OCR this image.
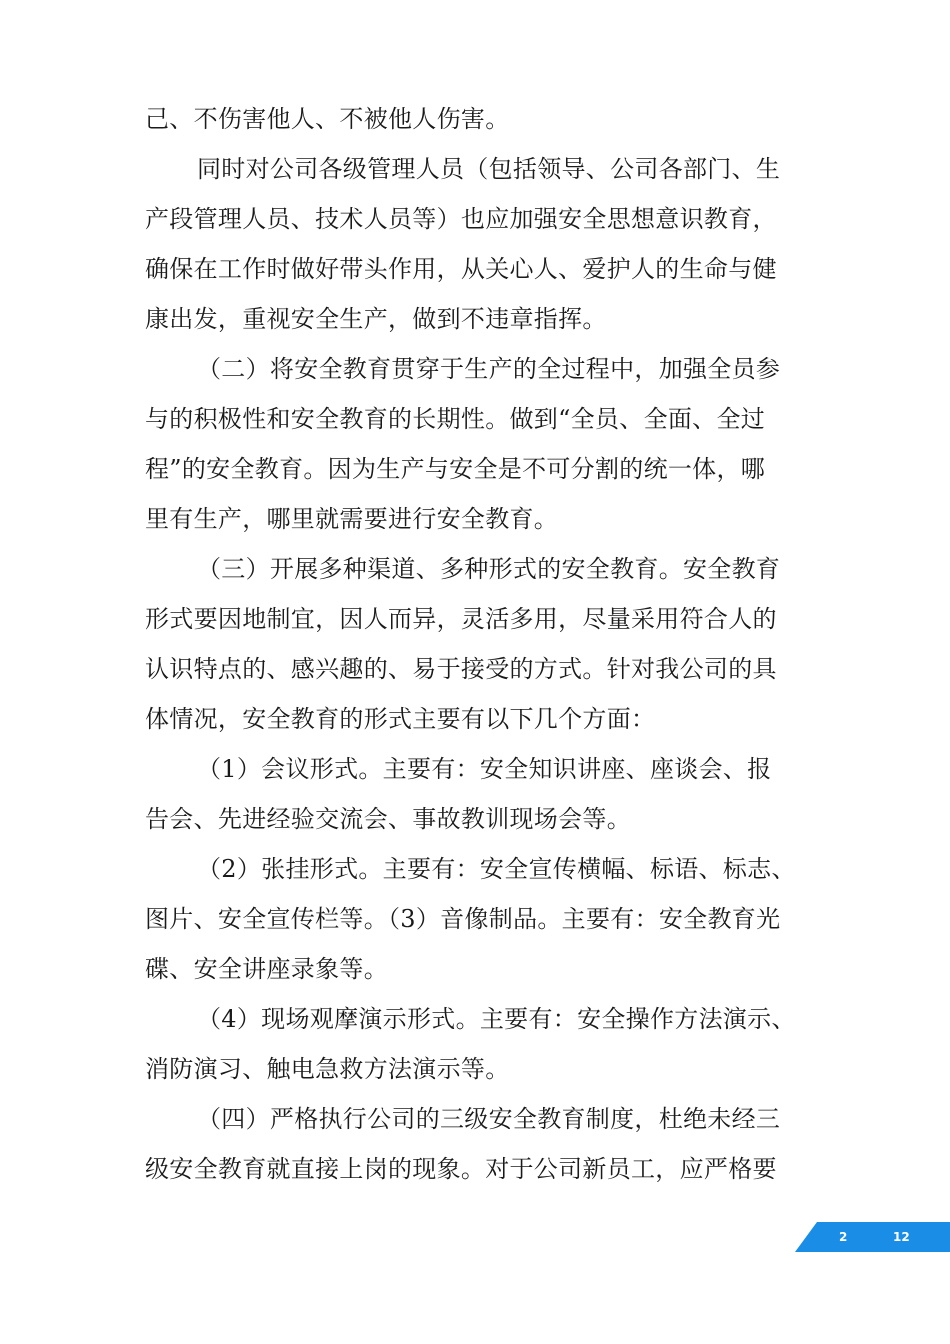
己、不伤害他人、不被他人伤害。
同时对公司各级管理人员（包括领导、公司各部门、生
产段管理人员、技术人员等）也应加强安全思想意识教育，
确保在工作时做好带头作用，从关心人、爱护人的生命与健
康出发，重视安全生产，做到不违章指挥。
（二）将安全教育贯穿于生产的全过程中，加强全员参
与的积极性和安全教育的长期性。做到“全员、全面、全过
程”的安全教育。因为生产与安全是不可分割的统一体，哪
里有生产，哪里就需要进行安全教育。
（三）开展多种渠道、多种形式的安全教育。安全教育
形式要因地制宜，因人而异，灵活多用，尽量采用符合人的
认识特点的、感兴趣的、易于接受的方式。针对我公司的具
体情况，安全教育的形式主要有以下几个方面：
（1）会议形式。主要有：安全知识讲座、座谈会、报
告会、先进经验交流会、事故教训现场会等。
（2）张挂形式。主要有：安全宣传横幅、标语、标志、
图片、安全宣传栏等。（3）音像制品。主要有：安全教育光
碟、安全讲座录象等。
（4）现场观摩演示形式。主要有：安全操作方法演示、
消防演习、触电急救方法演示等。
（四）严格执行公司的三级安全教育制度，杜绝未经三
级安全教育就直接上岗的现象。对于公司新员工，应严格要
2	12
